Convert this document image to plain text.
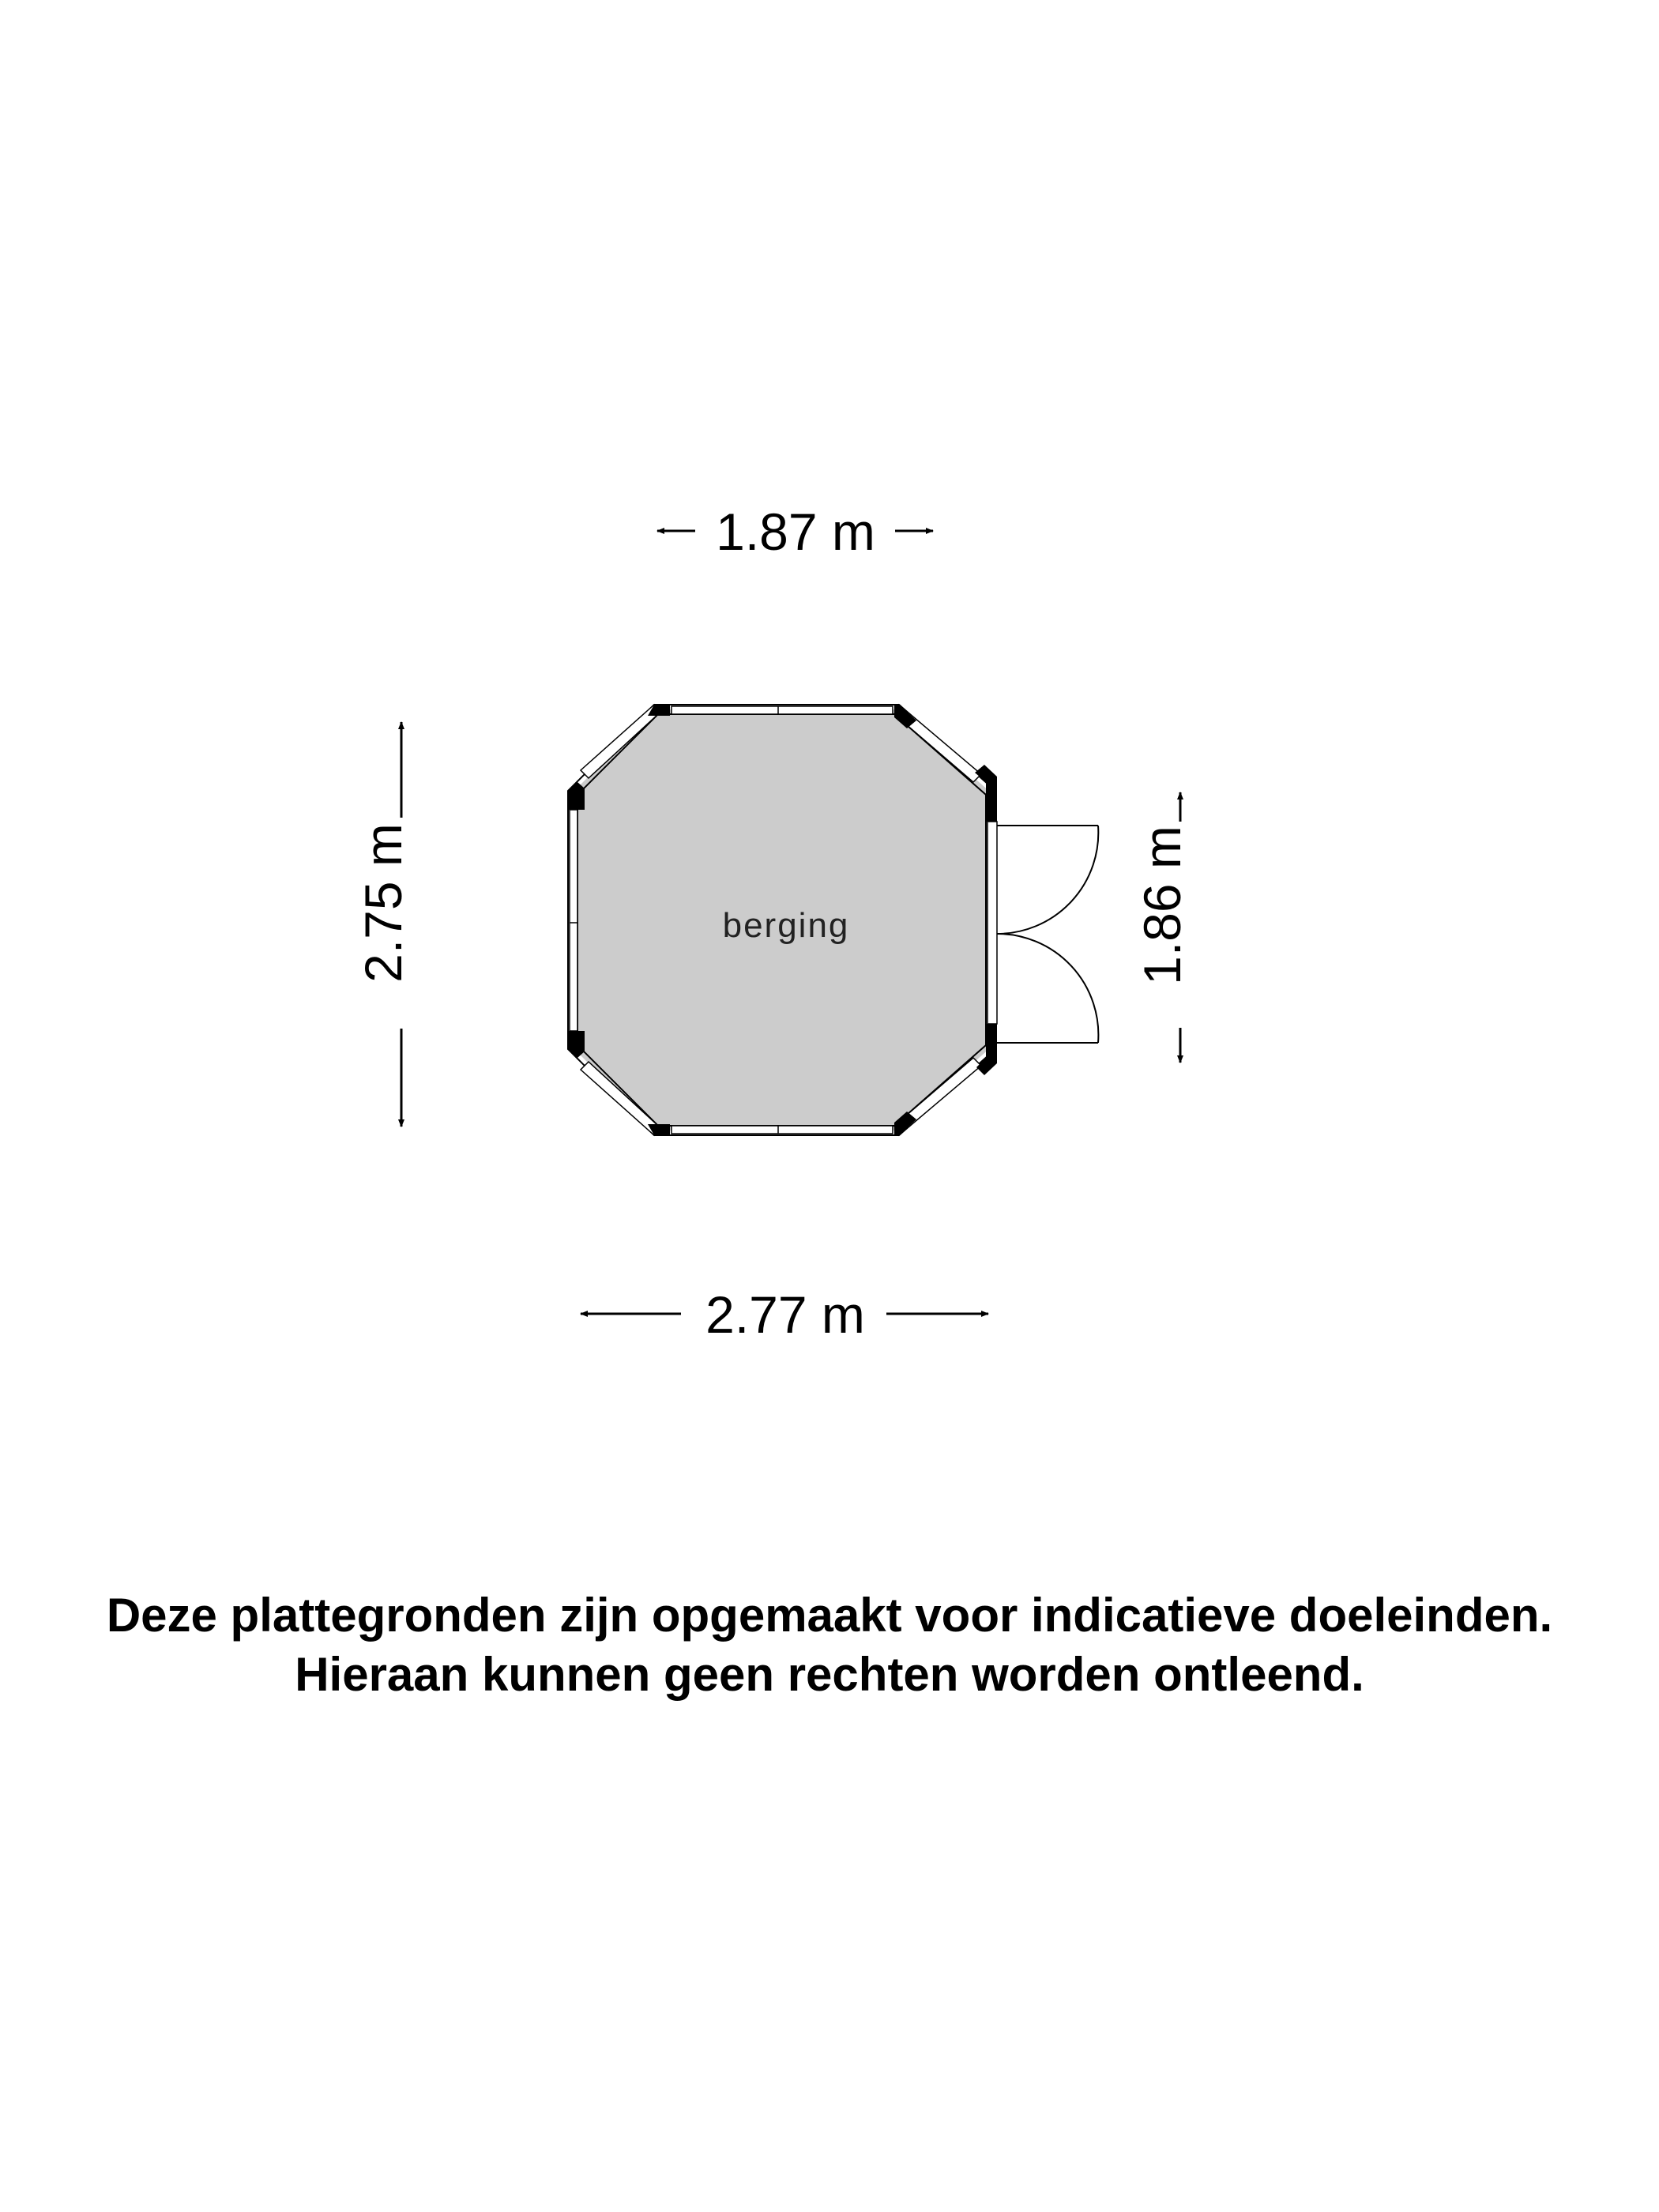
berging
1.87 m
2.77 m
2.75 m	1.86 m
Deze plattegronden zijn opgemaakt voor indicatieve doeleinden.
Hieraan kunnen geen rechten worden ontleend.
